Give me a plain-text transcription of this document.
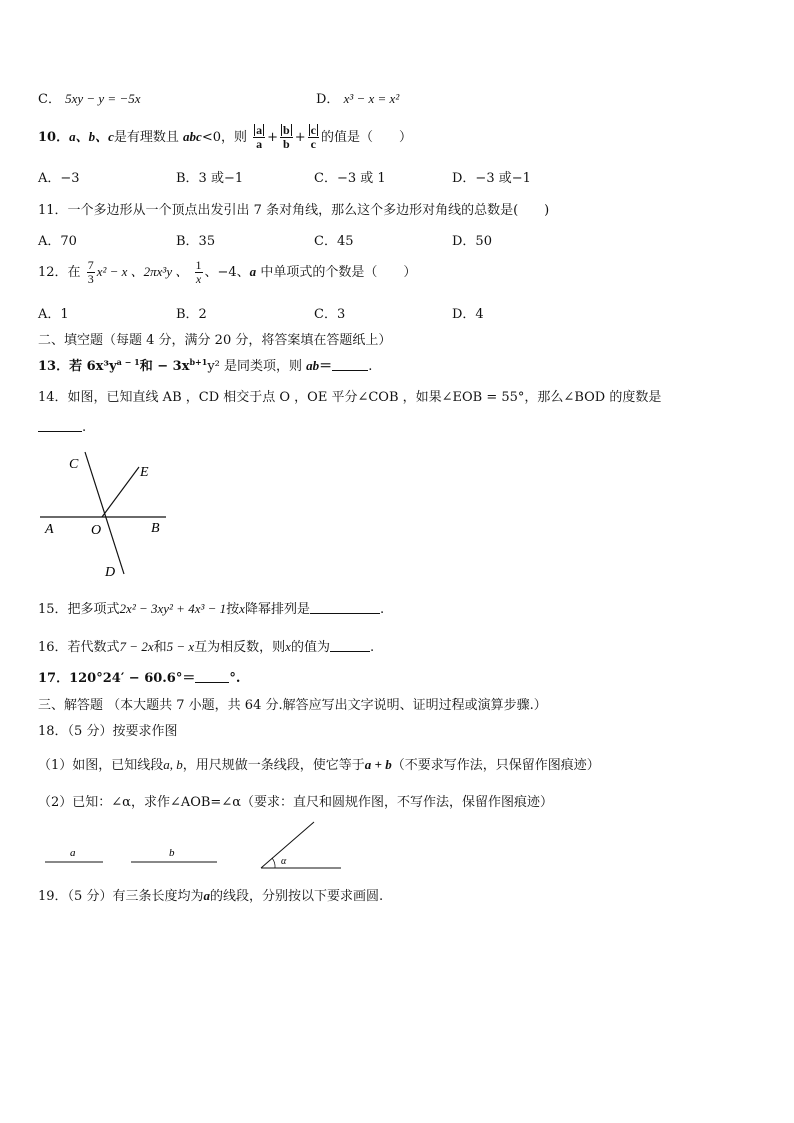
C． 5xy − y = −5x	D． x³ − x = x²
10．a、b、c是有理数且 abc<0，则 $\frac{a}{a} + \frac{b}{b} + \frac{c}{c}$ 的值是（　　）
A．−3	B．3 或−1	C．−3 或 1	D．−3 或−1
11．一个多边形从一个顶点出发引出 7 条对角线，那么这个多边形对角线的总数是(　　)
A．70	B．35	C．45	D．50
12．在 $\frac{7}{3} x^2 - x$ 、2πx³y 、 $\frac{1}{x}$ 、−4、a 中单项式的个数是（　　）
A．1	B．2	C．3	D．4
二、填空题（每题 4 分，满分 20 分，将答案填在答题纸上）
13．若 $6x^3y^{a - 1}$和 − $3x^{b+1}y^2$ 是同类项，则 ab＝	.
14．如图，已知直线 AB ，CD 相交于点 O ，OE 平分∠COB ，如果∠EOB = 55°，那么∠BOD 的度数是
.
C
E
A	O	B
D
15．把多项式2x² − 3xy² + 4x³ − 1按x降幂排列是	.
16．若代数式7 − 2x和5 − x互为相反数，则x的值为	.
17．120°24′ − 60.6°＝	°.
三、解答题 （本大题共 7 小题，共 64 分.解答应写出文字说明、证明过程或演算步骤.）
18．（5 分）按要求作图
（1）如图，已知线段a, b，用尺规做一条线段，使它等于a + b（不要求写作法，只保留作图痕迹）
（2）已知：∠α，求作∠AOB=∠α（要求：直尺和圆规作图，不写作法，保留作图痕迹）
a	b
α
19．（5 分）有三条长度均为a的线段，分别按以下要求画圆.
